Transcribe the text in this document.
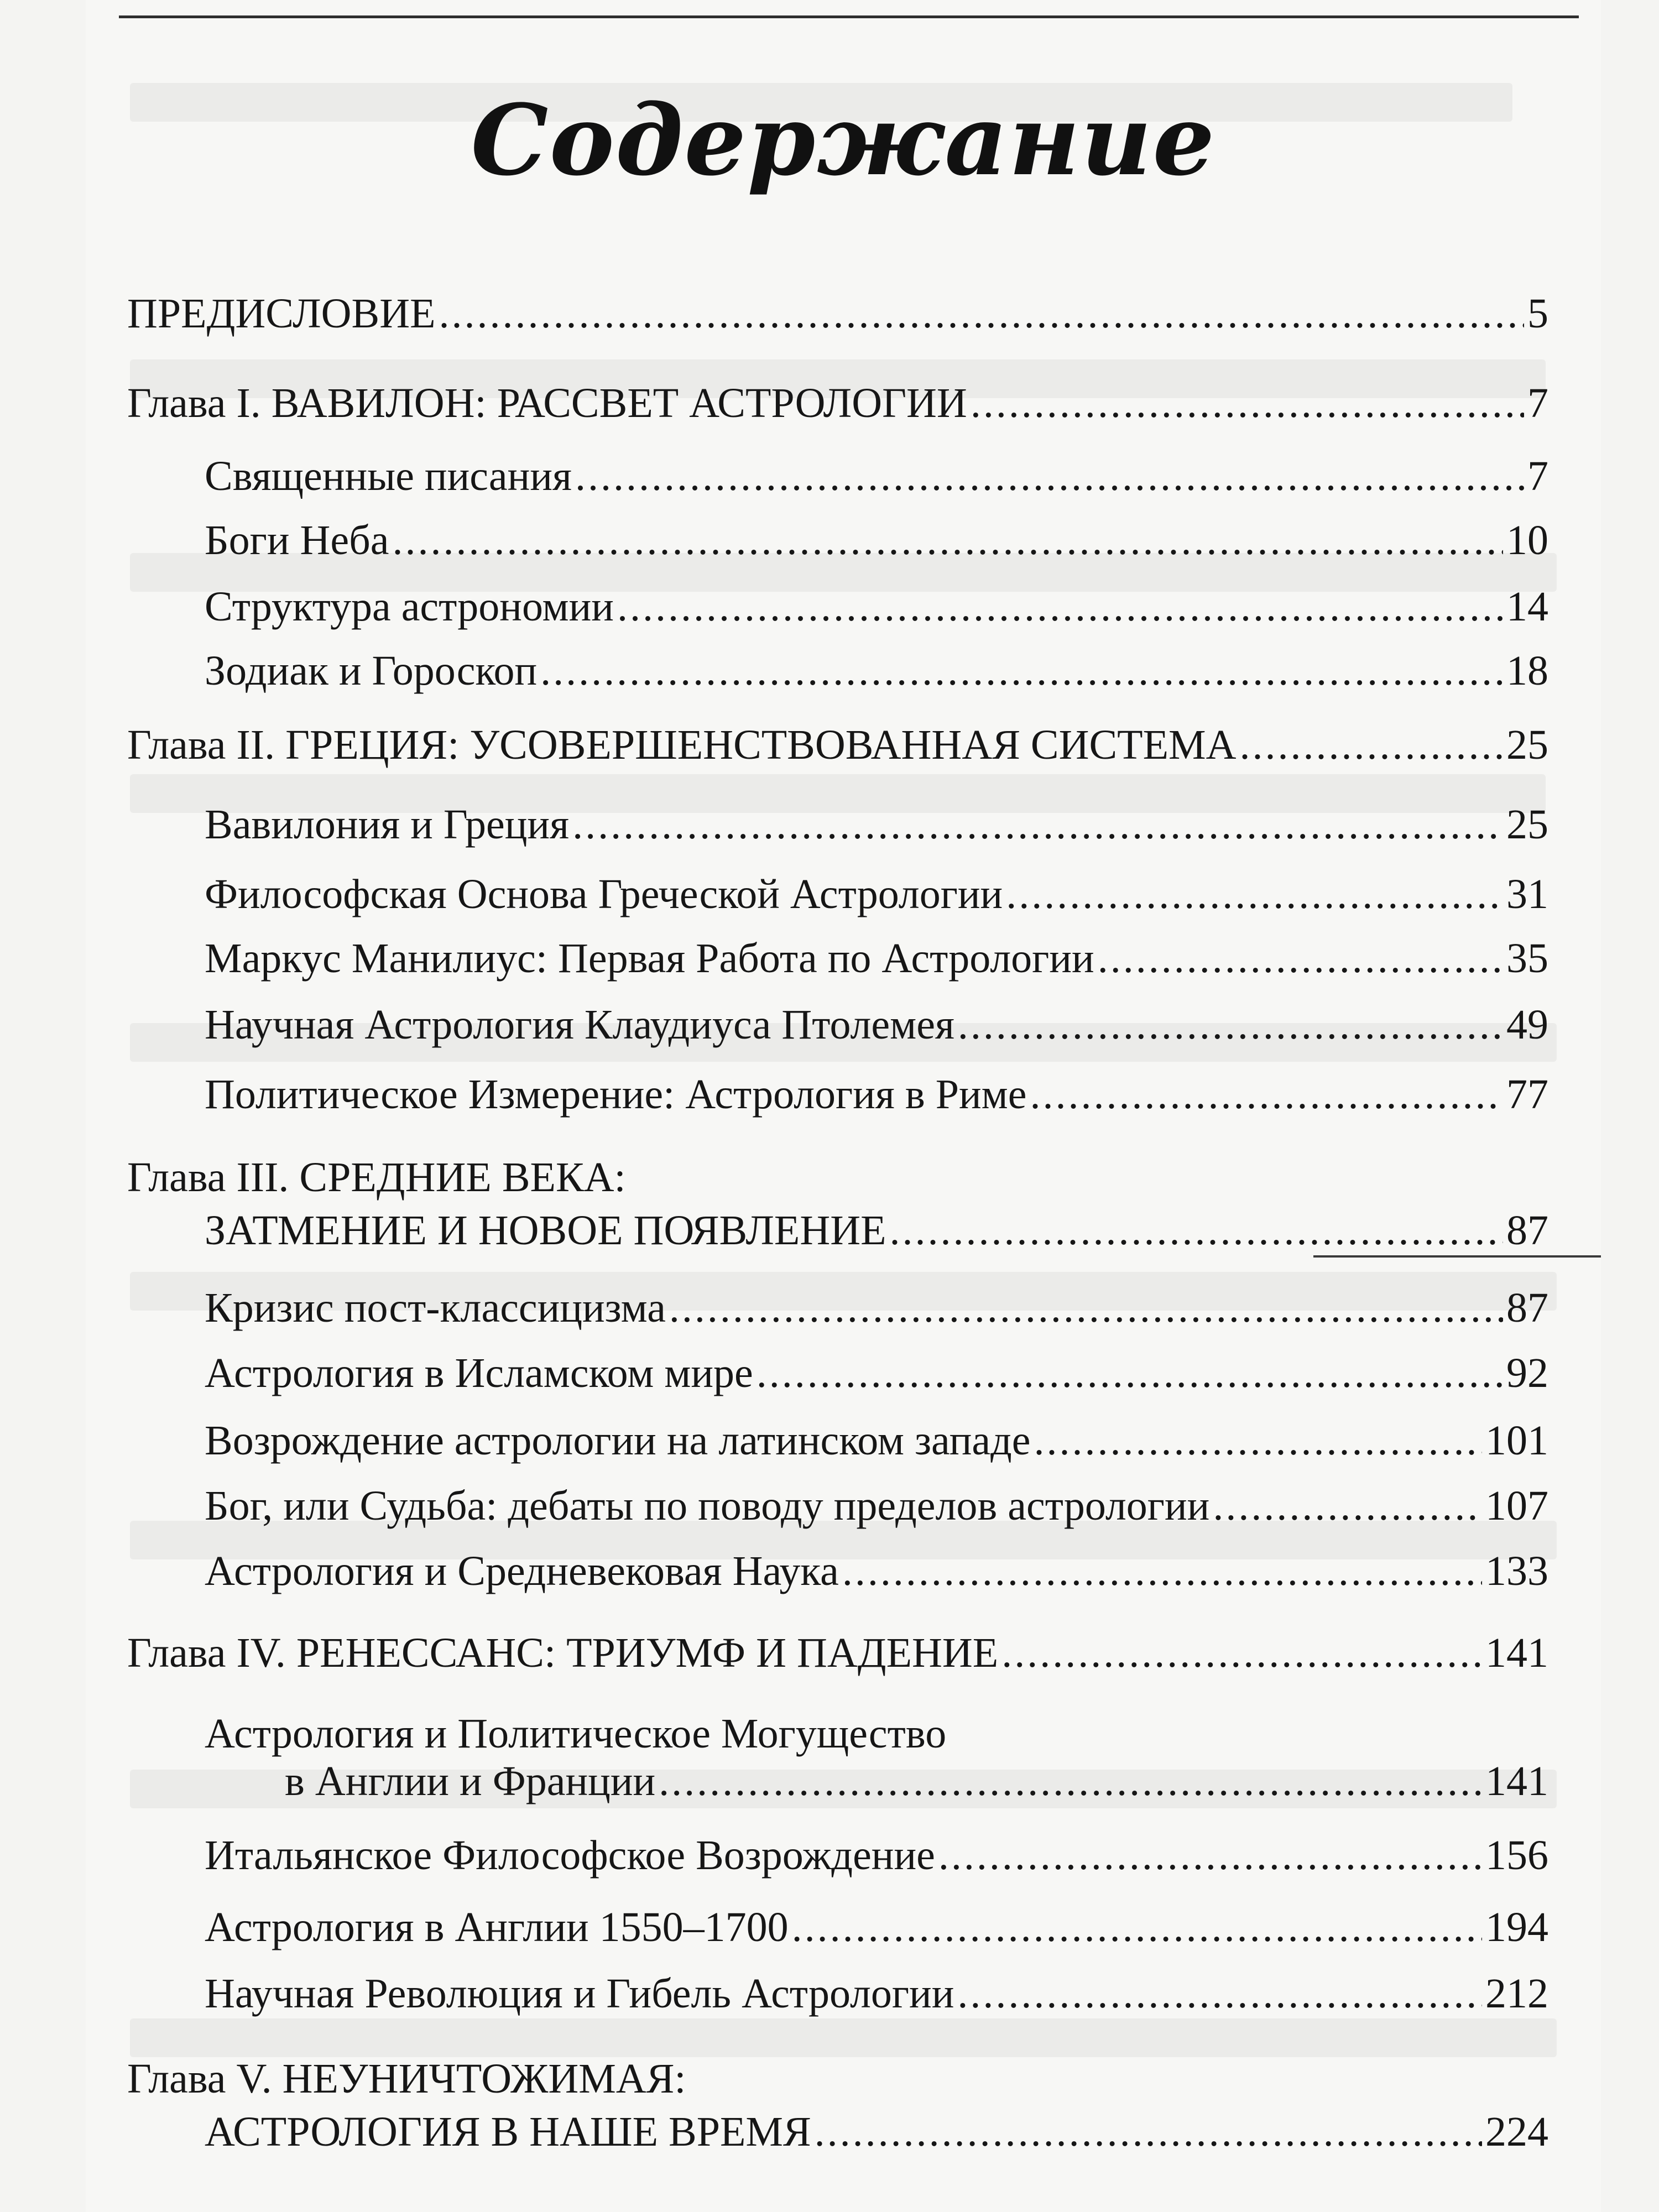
Содержание
ПРЕДИСЛОВИЕ .....	5
Глава I. ВАВИЛОН: РАССВЕТ АСТРОЛОГИИ .....	7
Священные писания .....	7
Боги Неба .....	10
Структура астрономии .....	14
Зодиак и Гороскоп .....	18
Глава II. ГРЕЦИЯ: УСОВЕРШЕНСТВОВАННАЯ СИСТЕМА .....	25
Вавилония и Греция .....	25
Философская Основа Греческой Астрологии .....	31
Маркус Манилиус: Первая Работа по Астрологии .....	35
Научная Астрология Клаудиуса Птолемея .....	49
Политическое Измерение: Астрология в Риме .....	77
Глава III. СРЕДНИЕ ВЕКА:
ЗАТМЕНИЕ И НОВОЕ ПОЯВЛЕНИЕ .....	87
Кризис пост-классицизма .....	87
Астрология в Исламском мире .....	92
Возрождение астрологии на латинском западе .....	101
Бог, или Судьба: дебаты по поводу пределов астрологии .....	107
Астрология и Средневековая Наука .....	133
Глава IV. РЕНЕССАНС: ТРИУМФ И ПАДЕНИЕ .....	141
Астрология и Политическое Могущество
в Англии и Франции .....	141
Итальянское Философское Возрождение .....	156
Астрология в Англии 1550–1700 .....	194
Научная Революция и Гибель Астрологии .....	212
Глава V. НЕУНИЧТОЖИМАЯ:
АСТРОЛОГИЯ В НАШЕ ВРЕМЯ .....	224
